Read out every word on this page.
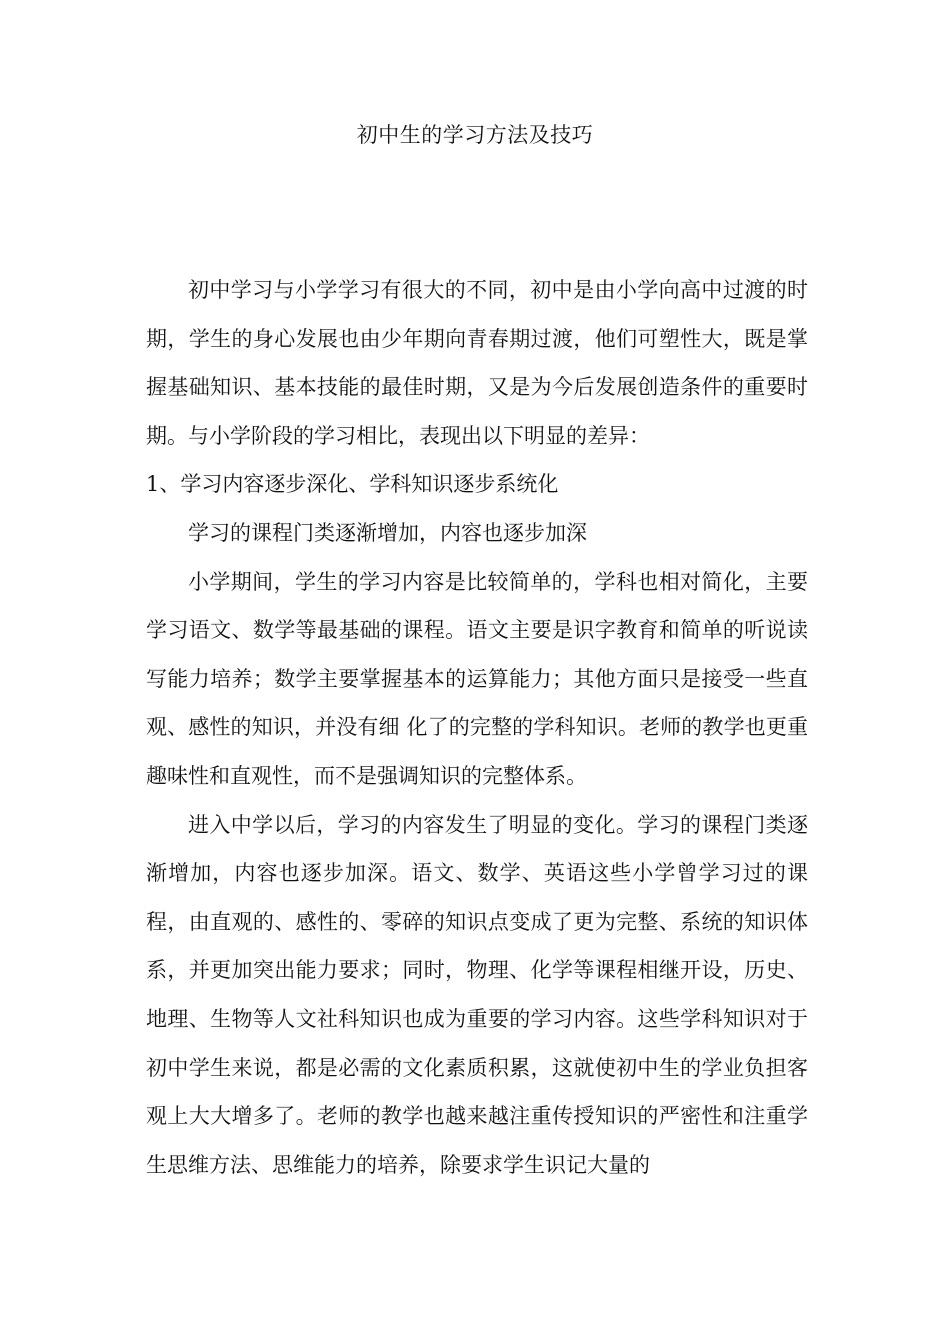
初中生的学习方法及技巧

初中学习与小学学习有很大的不同，初中是由小学向高中过渡的时期，学生的身心发展也由少年期向青春期过渡，他们可塑性大，既是掌握基础知识、基本技能的最佳时期，又是为今后发展创造条件的重要时期。与小学阶段的学习相比，表现出以下明显的差异：

1、学习内容逐步深化、学科知识逐步系统化

学习的课程门类逐渐增加，内容也逐步加深

小学期间，学生的学习内容是比较简单的，学科也相对简化，主要学习语文、数学等最基础的课程。语文主要是识字教育和简单的听说读写能力培养；数学主要掌握基本的运算能力；其他方面只是接受一些直观、感性的知识，并没有细 化了的完整的学科知识。老师的教学也更重趣味性和直观性，而不是强调知识的完整体系。

进入中学以后，学习的内容发生了明显的变化。学习的课程门类逐渐增加，内容也逐步加深。语文、数学、英语这些小学曾学习过的课程，由直观的、感性的、零碎的知识点变成了更为完整、系统的知识体系，并更加突出能力要求；同时，物理、化学等课程相继开设，历史、地理、生物等人文社科知识也成为重要的学习内容。这些学科知识对于初中学生来说，都是必需的文化素质积累，这就使初中生的学业负担客观上大大增多了。老师的教学也越来越注重传授知识的严密性和注重学生思维方法、思维能力的培养，除要求学生识记大量的
